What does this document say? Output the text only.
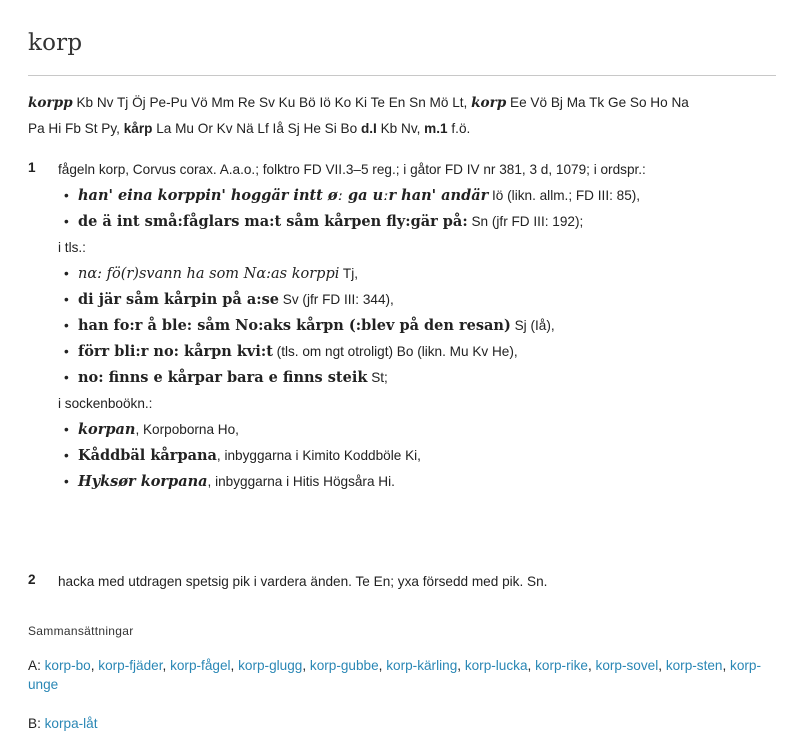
korp
korpp Kb Nv Tj Öj Pe-Pu Vö Mm Re Sv Ku Bö Iö Ko Ki Te En Sn Mö Lt, korp Ee Vö Bj Ma Tk Ge So Ho Na
Pa Hi Fb St Py, kårp La Mu Or Kv Nä Lf Iå Sj He Si Bo d.I Kb Nv, m.1 f.ö.
1 fågeln korp, Corvus corax. A.a.o.; folktro FD VII.3–5 reg.; i gåtor FD IV nr 381, 3 d, 1079; i ordspr.:
• han' eina korppin' hoggär intt øː ga uːr han' andär Iö (likn. allm.; FD III: 85),
• de ä int små:fåglars ma:t såm kårpen fly:gär på: Sn (jfr FD III: 192);
i tls.:
• nɑ: fö(r)svann ha som Nɑ:as korppi Tj,
• di jär såm kårpin på a:se Sv (jfr FD III: 344),
• han fo:r å ble: såm No:aks kårpn (:blev på den resan) Sj (Iå),
• förr bli:r no: kårpn kvi:t (tls. om ngt otroligt) Bo (likn. Mu Kv He),
• no: finns e kårpar bara e finns steik St;
i sockenboökn.:
• korpan, Korpoborna Ho,
• Kåddbäl kårpana, inbyggarna i Kimito Koddböle Ki,
• Hyksør korpana, inbyggarna i Hitis Högsåra Hi.
2 hacka med utdragen spetsig pik i vardera änden. Te En; yxa försedd med pik. Sn.
Sammansättningar
A: korp-bo, korp-fjäder, korp-fågel, korp-glugg, korp-gubbe, korp-kärling, korp-lucka, korp-rike, korp-sovel, korp-sten, korp-unge
B: korpa-låt
